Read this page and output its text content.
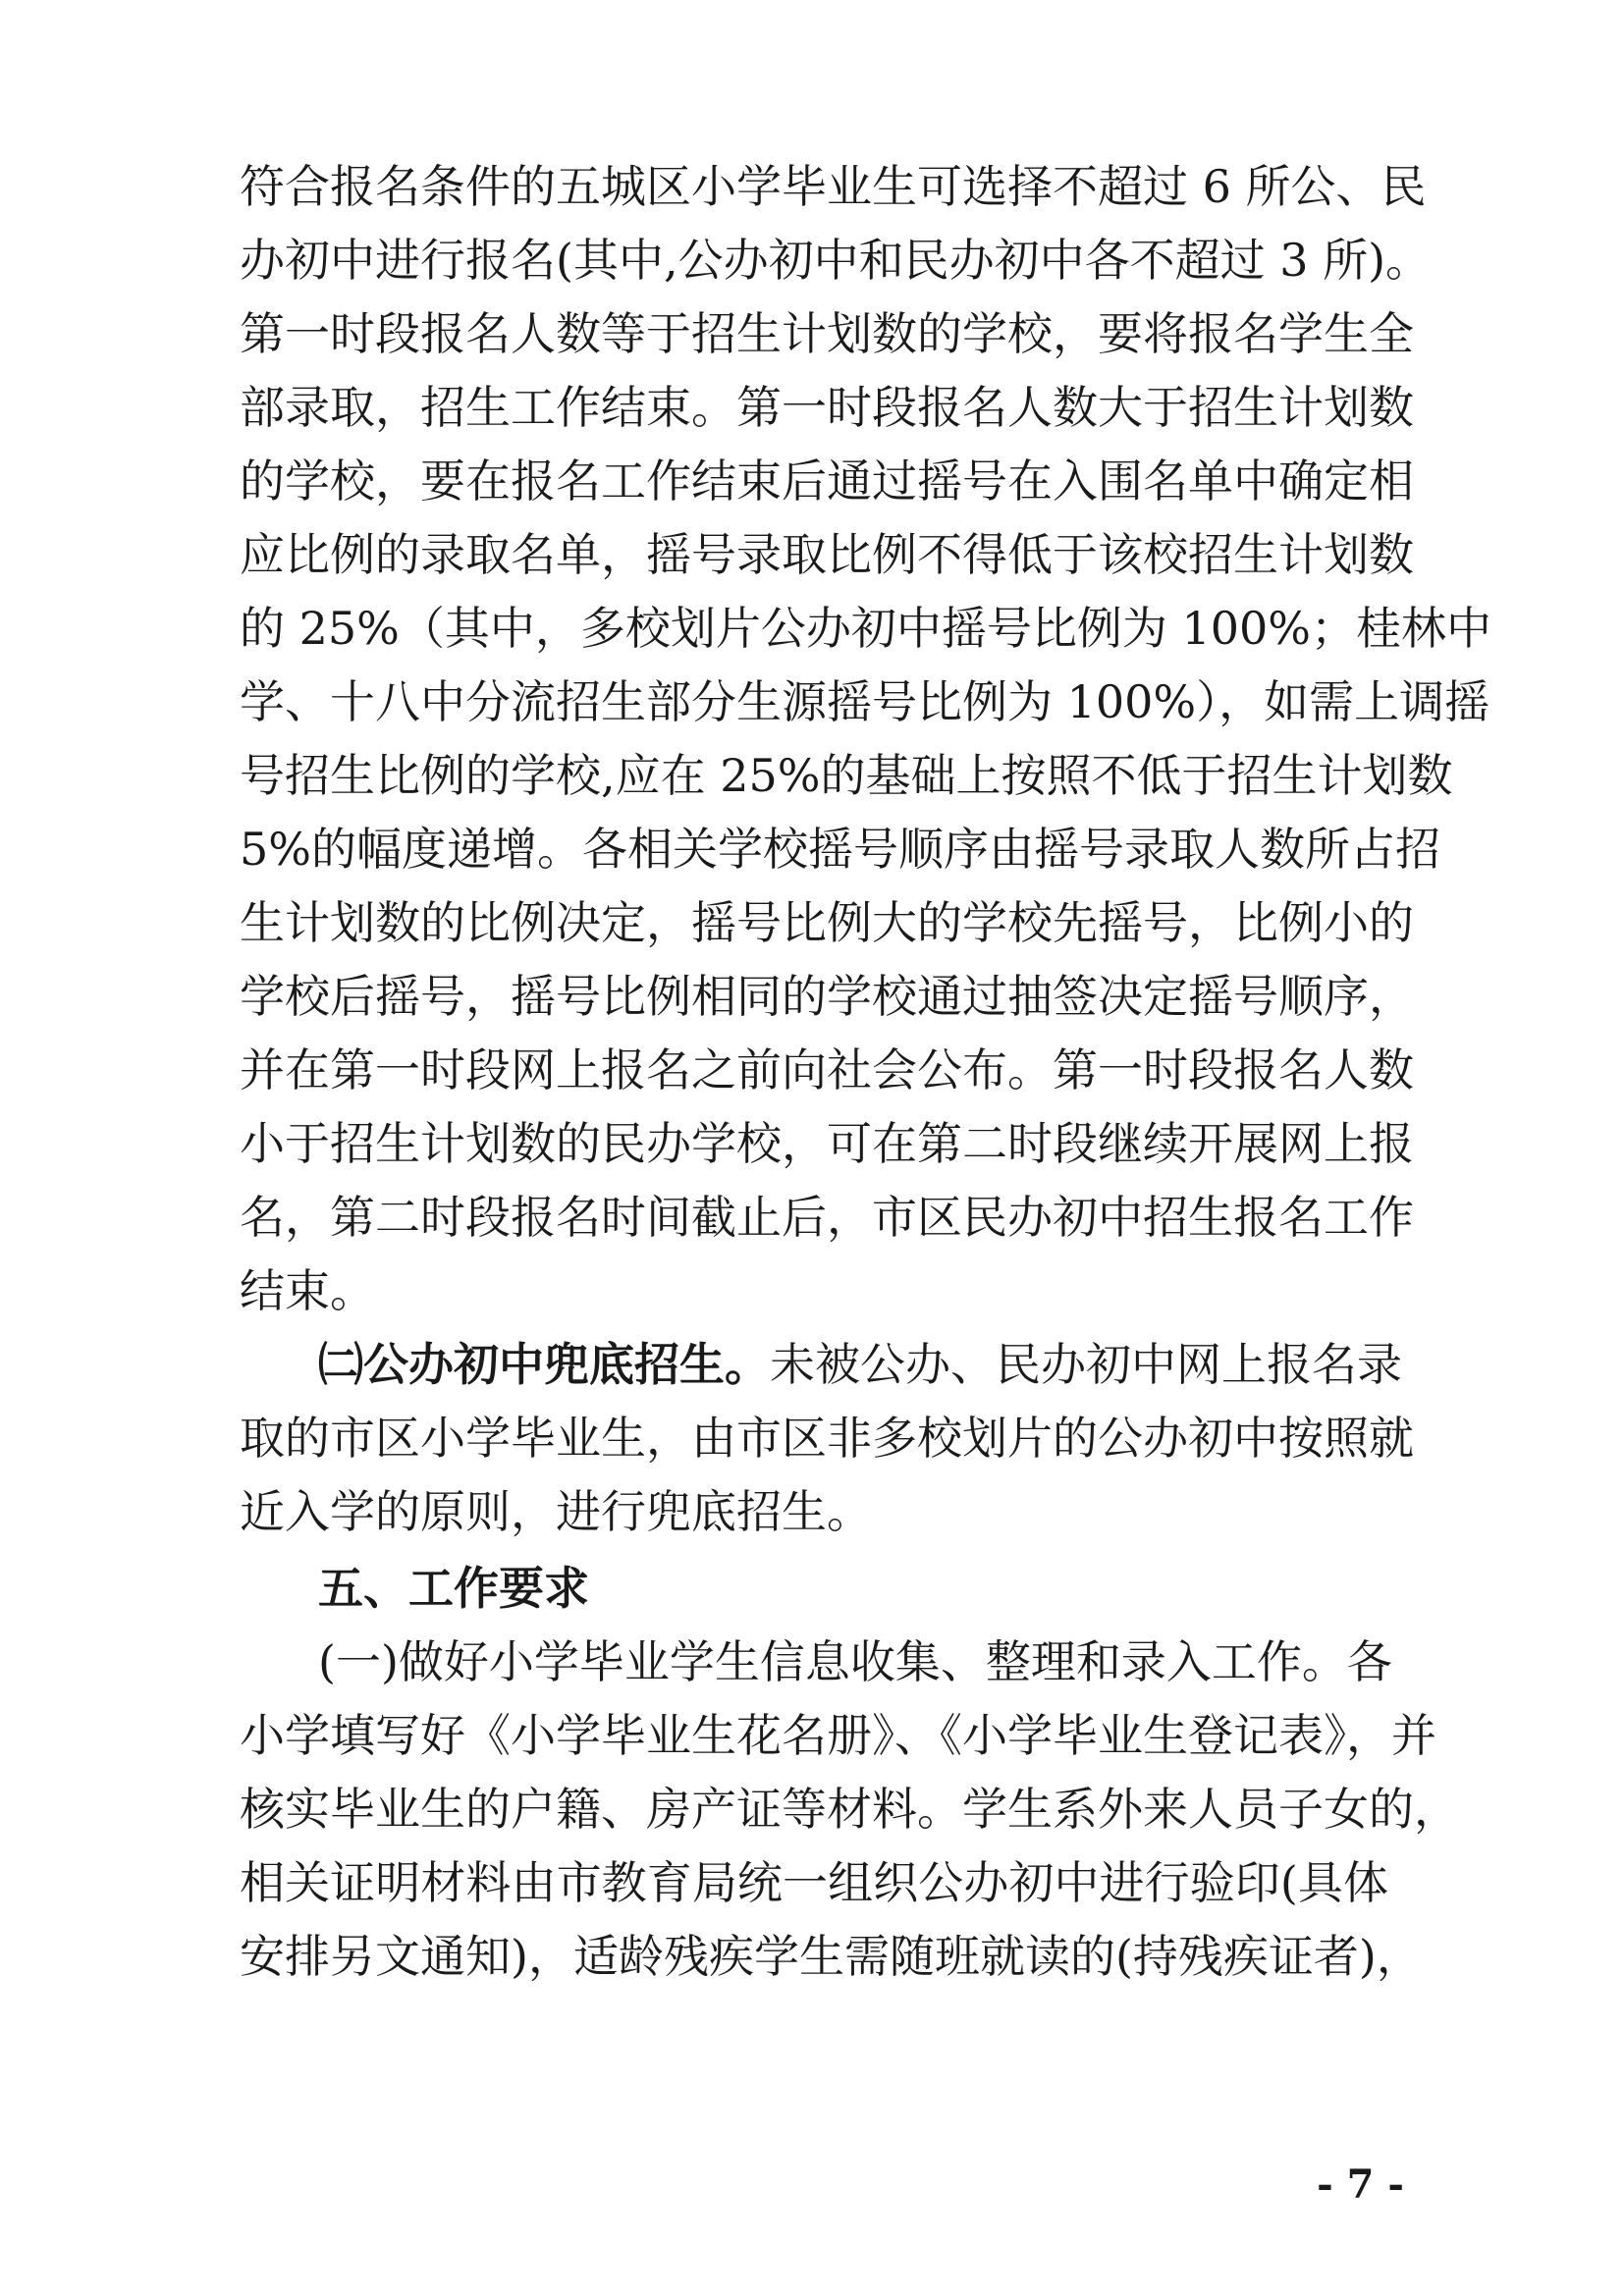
符合报名条件的五城区小学毕业生可选择不超过 6 所公、民
办初中进行报名(其中,公办初中和民办初中各不超过 3 所)。
第一时段报名人数等于招生计划数的学校，要将报名学生全
部录取，招生工作结束。第一时段报名人数大于招生计划数
的学校，要在报名工作结束后通过摇号在入围名单中确定相
应比例的录取名单，摇号录取比例不得低于该校招生计划数
的 25%（其中，多校划片公办初中摇号比例为 100%；桂林中
学、十八中分流招生部分生源摇号比例为 100%），如需上调摇
号招生比例的学校,应在 25%的基础上按照不低于招生计划数
5%的幅度递增。各相关学校摇号顺序由摇号录取人数所占招
生计划数的比例决定，摇号比例大的学校先摇号，比例小的
学校后摇号，摇号比例相同的学校通过抽签决定摇号顺序，
并在第一时段网上报名之前向社会公布。第一时段报名人数
小于招生计划数的民办学校，可在第二时段继续开展网上报
名，第二时段报名时间截止后，市区民办初中招生报名工作
结束。
㈡公办初中兜底招生。未被公办、民办初中网上报名录
取的市区小学毕业生，由市区非多校划片的公办初中按照就
近入学的原则，进行兜底招生。
五、工作要求
(一)做好小学毕业学生信息收集、整理和录入工作。各
小学填写好《小学毕业生花名册》、《小学毕业生登记表》，并
核实毕业生的户籍、房产证等材料。学生系外来人员子女的，
相关证明材料由市教育局统一组织公办初中进行验印(具体
安排另文通知)，适龄残疾学生需随班就读的(持残疾证者)，
- 7 -
